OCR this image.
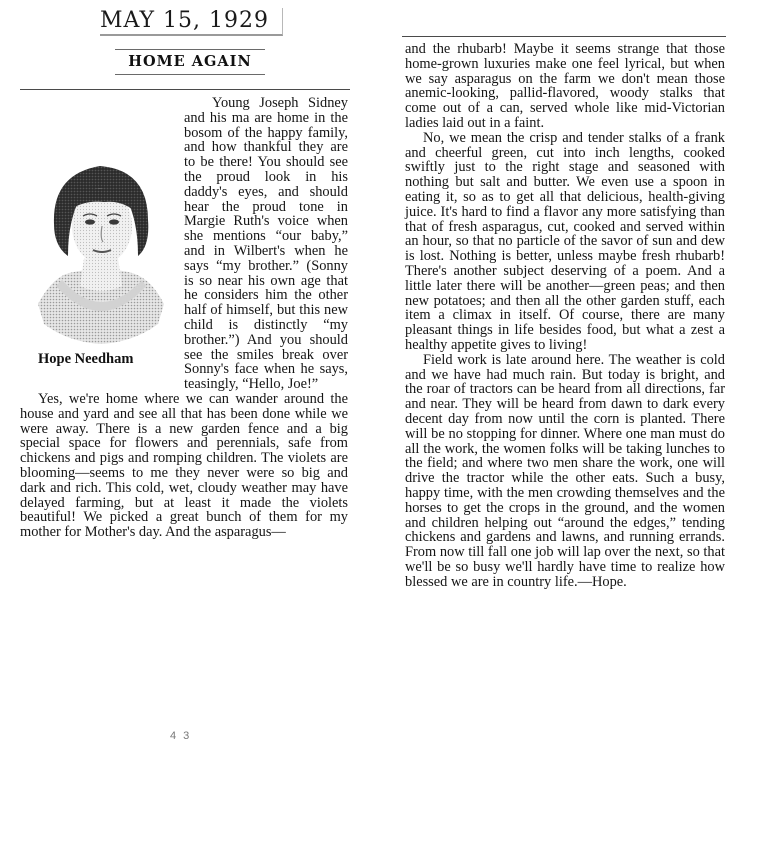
MAY 15, 1929
HOME AGAIN
Hope Needham

Young Joseph Sidney and his ma are home in the bosom of the happy family, and how thankful they are to be there! You should see the proud look in his daddy's eyes, and should hear the proud tone in Margie Ruth's voice when she mentions “our baby,” and in Wilbert's when he says “my brother.” (Sonny is so near his own age that he considers him the other half of himself, but this new child is distinctly “my brother.”) And you should see the smiles break over Sonny's face when he says, teasingly, “Hello, Joe!”

Yes, we're home where we can wander around the house and yard and see all that has been done while we were away. There is a new garden fence and a big special space for flowers and perennials, safe from chickens and pigs and romping children. The violets are blooming—seems to me they never were so big and dark and rich. This cold, wet, cloudy weather may have delayed farming, but at least it made the violets beautiful! We picked a great bunch of them for my mother for Mother's day. And the asparagus—

4 3

and the rhubarb! Maybe it seems strange that those home-grown luxuries make one feel lyrical, but when we say asparagus on the farm we don't mean those anemic-looking, pallid-flavored, woody stalks that come out of a can, served whole like mid-Victorian ladies laid out in a faint.

No, we mean the crisp and tender stalks of a frank and cheerful green, cut into inch lengths, cooked swiftly just to the right stage and seasoned with nothing but salt and butter. We even use a spoon in eating it, so as to get all that delicious, health-giving juice. It's hard to find a flavor any more satisfying than that of fresh asparagus, cut, cooked and served within an hour, so that no particle of the savor of sun and dew is lost. Nothing is better, unless maybe fresh rhubarb! There's another subject deserving of a poem. And a little later there will be another—green peas; and then new potatoes; and then all the other garden stuff, each item a climax in itself. Of course, there are many pleasant things in life besides food, but what a zest a healthy appetite gives to living!

Field work is late around here. The weather is cold and we have had much rain. But today is bright, and the roar of tractors can be heard from all directions, far and near. They will be heard from dawn to dark every decent day from now until the corn is planted. There will be no stopping for dinner. Where one man must do all the work, the women folks will be taking lunches to the field; and where two men share the work, one will drive the tractor while the other eats. Such a busy, happy time, with the men crowding themselves and the horses to get the crops in the ground, and the women and children helping out “around the edges,” tending chickens and gardens and lawns, and running errands. From now till fall one job will lap over the next, so that we'll be so busy we'll hardly have time to realize how blessed we are in country life.—Hope.
